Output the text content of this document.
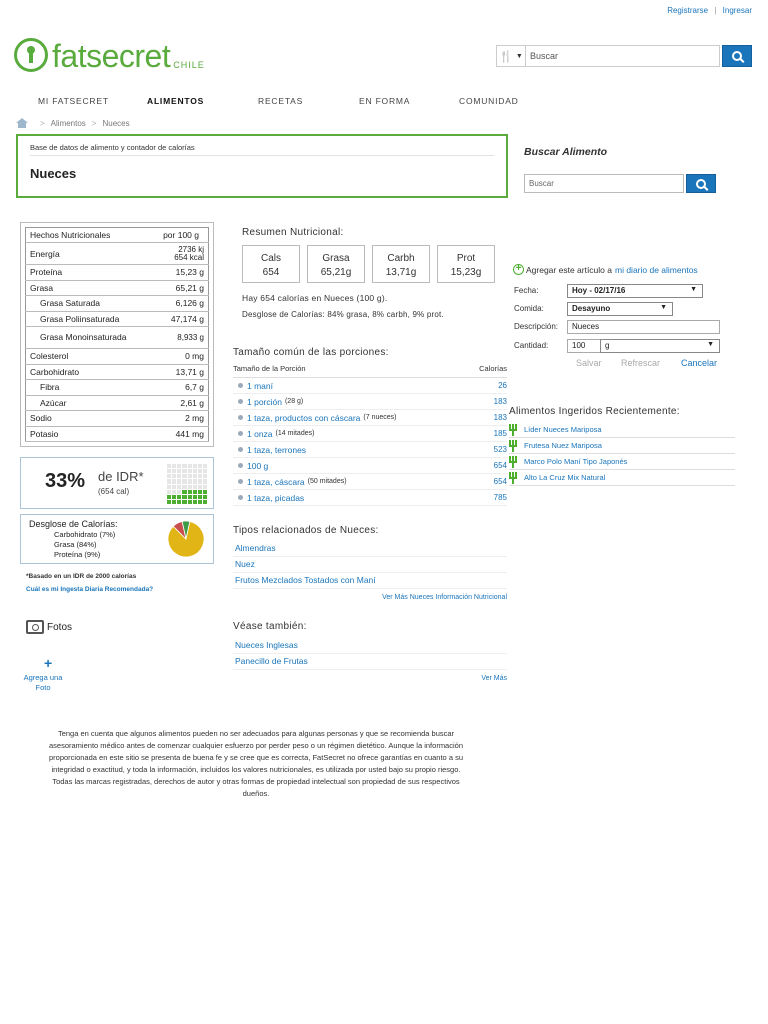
Registrarse | Ingresar
fatsecret CHILE
🍴 ▼ Buscar
MI FATSECRET	ALIMENTOS	RECETAS	EN FORMA	COMUNIDAD
> Alimentos > Nueces
Base de datos de alimento y contador de calorías
Nueces
Buscar Alimento
Buscar
Hechos Nutricionales	por 100 g
Energía	2736 kj
654 kcal

Proteína	15,23 g
Grasa	65,21 g
Grasa Saturada	6,126 g
Grasa Poliinsaturada	47,174 g
Grasa Monoinsaturada	8,933 g
Colesterol	0 mg
Carbohidrato	13,71 g
Fibra	6,7 g
Azúcar	2,61 g
Sodio	2 mg
Potasio	441 mg
33% de IDR*
(654 cal)
Desglose de Calorías:
Carbohidrato (7%)
Grasa (84%)
Proteína (9%)
*Basado en un IDR de 2000 calorías
Cuál es mi Ingesta Diaria Recomendada?
Fotos
+
Agrega una Foto
Resumen Nutricional:
Cals
654
Grasa
65,21g
Carbh
13,71g
Prot
15,23g
Hay 654 calorías en Nueces (100 g).
Desglose de Calorías: 84% grasa, 8% carbh, 9% prot.
Tamaño común de las porciones:
Tamaño de la Porción	Calorías
1 maní	26
1 porción (28 g)	183
1 taza, productos con cáscara (7 nueces)	183
1 onza (14 mitades)	185
1 taza, terrones	523
100 g	654
1 taza, cáscara (50 mitades)	654
1 taza, picadas	785
Tipos relacionados de Nueces:
Almendras
Nuez
Frutos Mezclados Tostados con Maní
Ver Más Nueces Información Nutricional
Véase también:
Nueces Inglesas
Panecillo de Frutas
Ver Más
+ Agregar este artículo a mi diario de alimentos
Fecha:	Hoy - 02/17/16	▼
Comida:	Desayuno	▼
Descripción:	Nueces
Cantidad:	100	g	▼
Salvar Refrescar Cancelar
Alimentos Ingeridos Recientemente:
Líder Nueces Mariposa
Frutesa Nuez Mariposa
Marco Polo Maní Tipo Japonés
Alto La Cruz Mix Natural
Tenga en cuenta que algunos alimentos pueden no ser adecuados para algunas personas y que se recomienda buscar asesoramiento médico antes de comenzar cualquier esfuerzo por perder peso o un régimen dietético. Aunque la información proporcionada en este sitio se presenta de buena fe y se cree que es correcta, FatSecret no ofrece garantías en cuanto a su integridad o exactitud, y toda la información, incluidos los valores nutricionales, es utilizada por usted bajo su propio riesgo. Todas las marcas registradas, derechos de autor y otras formas de propiedad intelectual son propiedad de sus respectivos dueños.
